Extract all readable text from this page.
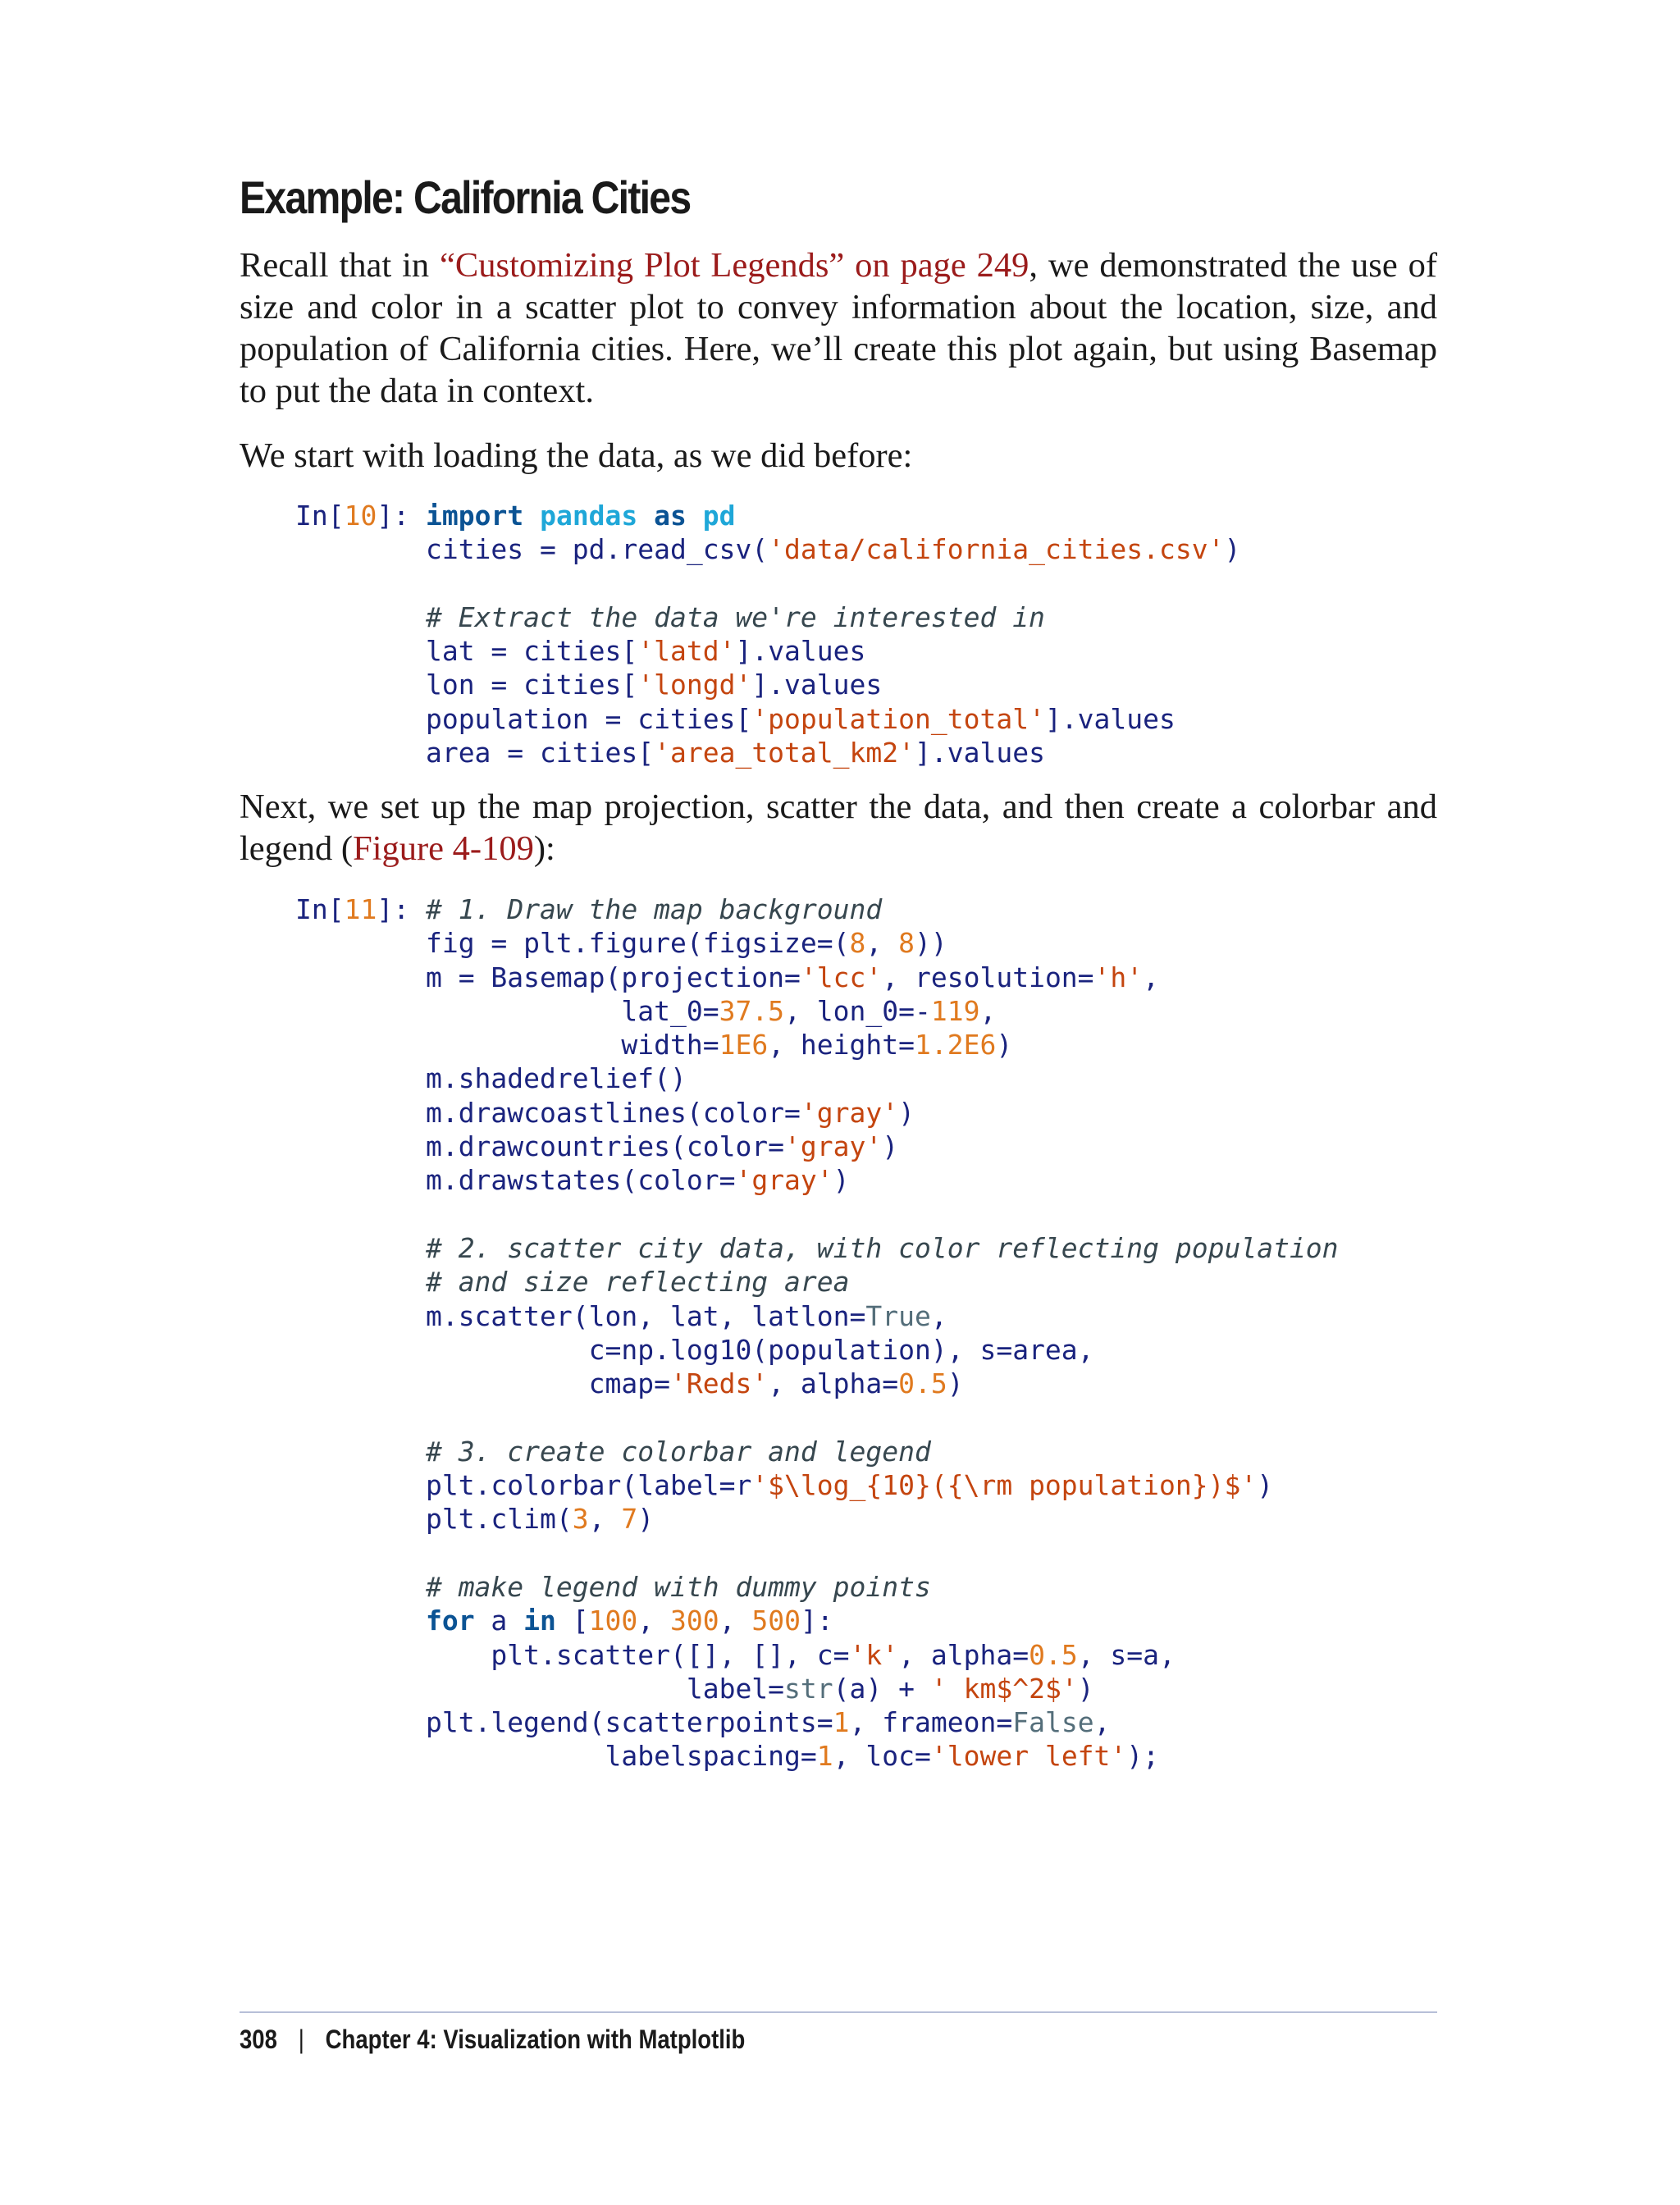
Example: California Cities

Recall that in “Customizing Plot Legends” on page 249, we demonstrated the use of size and color in a scatter plot to convey information about the location, size, and population of California cities. Here, we’ll create this plot again, but using Basemap to put the data in context.

We start with loading the data, as we did before:

In[10]: import pandas as pd
cities = pd.read_csv('data/california_cities.csv')

# Extract the data we're interested in
lat = cities['latd'].values
lon = cities['longd'].values
population = cities['population_total'].values
area = cities['area_total_km2'].values

Next, we set up the map projection, scatter the data, and then create a colorbar and legend (Figure 4-109):

In[11]: # 1. Draw the map background
fig = plt.figure(figsize=(8, 8))
m = Basemap(projection='lcc', resolution='h',
lat_0=37.5, lon_0=-119,
width=1E6, height=1.2E6)
m.shadedrelief()
m.drawcoastlines(color='gray')
m.drawcountries(color='gray')
m.drawstates(color='gray')

# 2. scatter city data, with color reflecting population
# and size reflecting area
m.scatter(lon, lat, latlon=True,
c=np.log10(population), s=area,
cmap='Reds', alpha=0.5)

# 3. create colorbar and legend
plt.colorbar(label=r'$\log_{10}({\rm population})$')
plt.clim(3, 7)

# make legend with dummy points
for a in [100, 300, 500]:
plt.scatter([], [], c='k', alpha=0.5, s=a,
label=str(a) + ' km$^2$')
plt.legend(scatterpoints=1, frameon=False,
labelspacing=1, loc='lower left');
308 | Chapter 4: Visualization with Matplotlib
